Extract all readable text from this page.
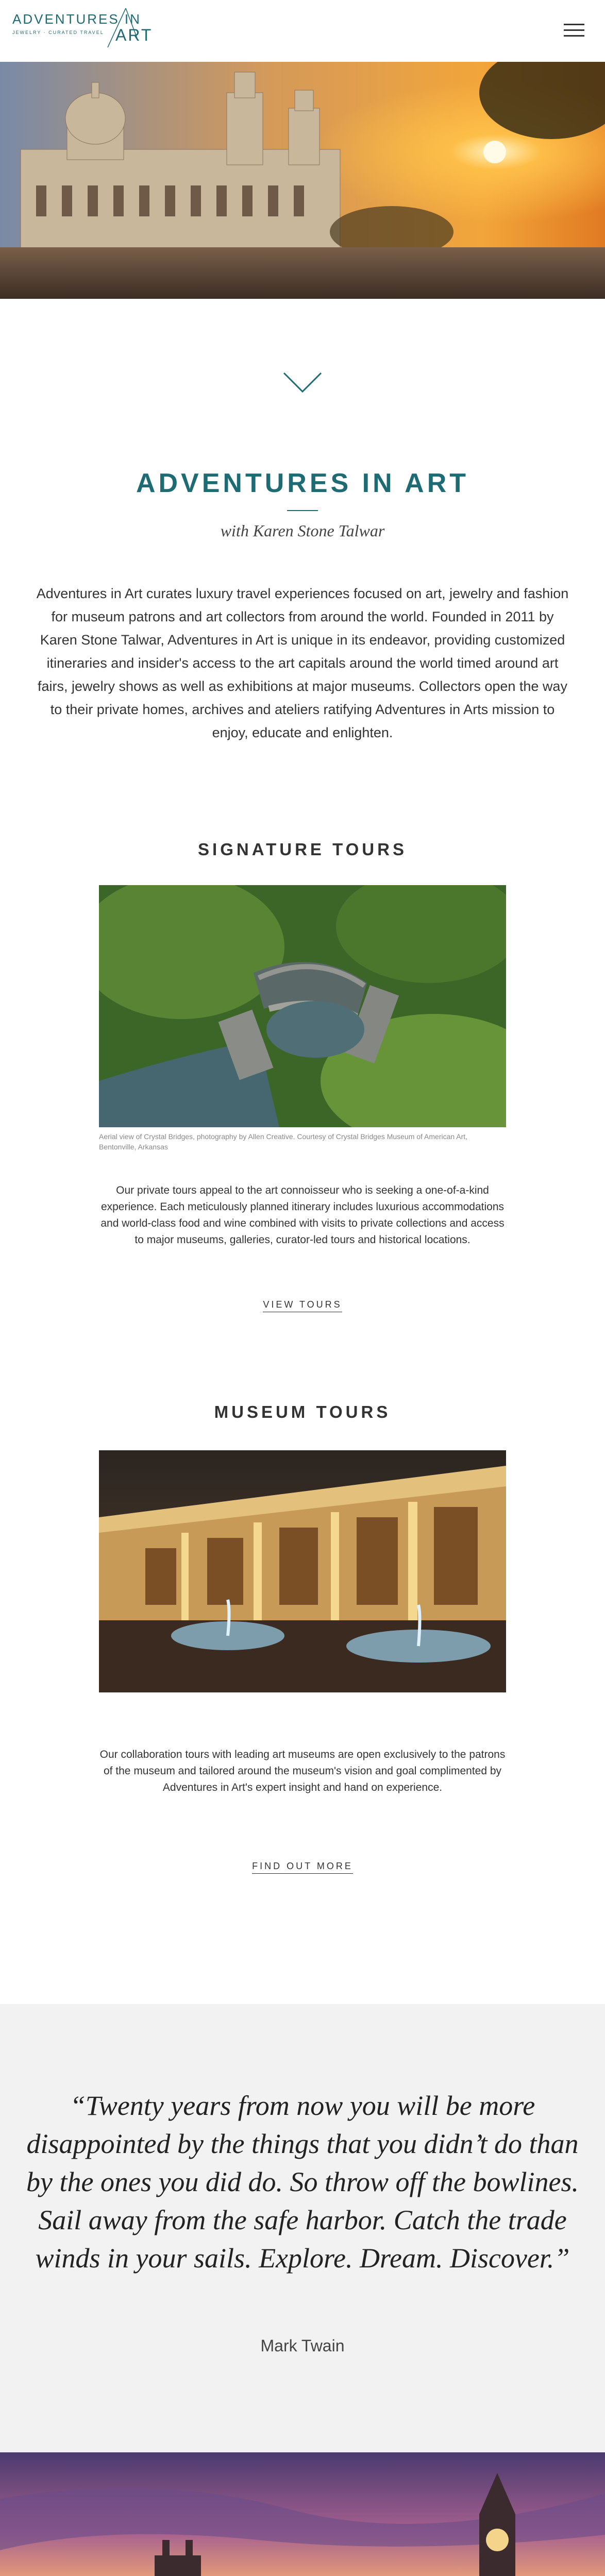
ADVENTURES IN
JEWELRY · CURATED TRAVEL ART
ADVENTURES IN ART
with Karen Stone Talwar

Adventures in Art curates luxury travel experiences focused on art, jewelry and fashion for museum patrons and art collectors from around the world. Founded in 2011 by Karen Stone Talwar, Adventures in Art is unique in its endeavor, providing customized itineraries and insider's access to the art capitals around the world timed around art fairs, jewelry shows as well as exhibitions at major museums. Collectors open the way to their private homes, archives and ateliers ratifying Adventures in Arts mission to enjoy, educate and enlighten.

SIGNATURE TOURS
Aerial view of Crystal Bridges, photography by Allen Creative. Courtesy of Crystal Bridges Museum of American Art, Bentonville, Arkansas

Our private tours appeal to the art connoisseur who is seeking a one-of-a-kind experience. Each meticulously planned itinerary includes luxurious accommodations and world-class food and wine combined with visits to private collections and access to major museums, galleries, curator-led tours and historical locations.

VIEW TOURS
MUSEUM TOURS

Our collaboration tours with leading art museums are open exclusively to the patrons of the museum and tailored around the museum's vision and goal complimented by Adventures in Art's expert insight and hand on experience.

FIND OUT MORE
“Twenty years from now you will be more disappointed by the things that you didn’t do than by the ones you did do. So throw off the bowlines. Sail away from the safe harbor. Catch the trade winds in your sails. Explore. Dream. Discover.”
Mark Twain
